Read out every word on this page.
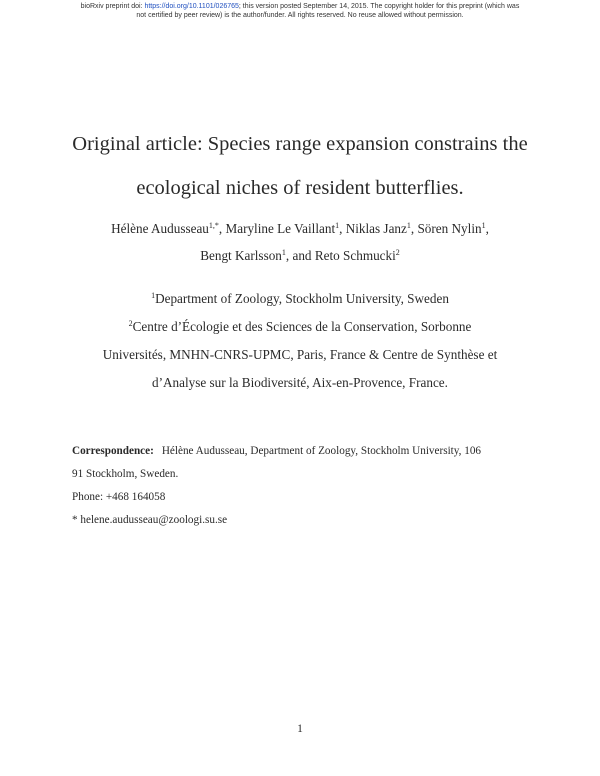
bioRxiv preprint doi: https://doi.org/10.1101/026765; this version posted September 14, 2015. The copyright holder for this preprint (which was
not certified by peer review) is the author/funder. All rights reserved. No reuse allowed without permission.
Original article: Species range expansion constrains the
ecological niches of resident butterflies.
Hélène Audusseau$^{1,*}$, Maryline Le Vaillant$^1$, Niklas Janz$^1$, Sören Nylin$^1$,
Bengt Karlsson$^1$, and Reto Schmucki$^2$
$^1$Department of Zoology, Stockholm University, Sweden
$^2$Centre d’Écologie et des Sciences de la Conservation, Sorbonne
Universités, MNHN-CNRS-UPMC, Paris, France & Centre de Synthèse et
d’Analyse sur la Biodiversité, Aix-en-Provence, France.
Correspondence: Hélène Audusseau, Department of Zoology, Stockholm University, 106
91 Stockholm, Sweden.
Phone: +468 164058
* helene.audusseau@zoologi.su.se
1
